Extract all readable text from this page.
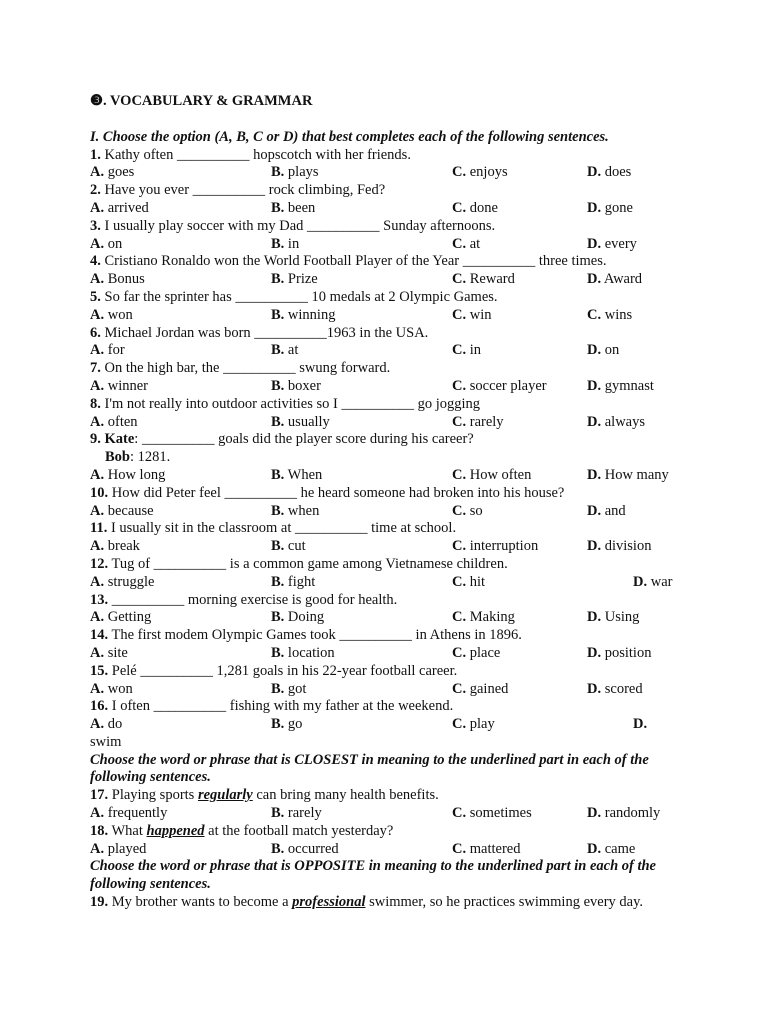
❸. VOCABULARY & GRAMMAR
I. Choose the option (A, B, C or D) that best completes each of the following sentences.
1. Kathy often __________ hopscotch with her friends.
A. goes	B. plays	C. enjoys	D. does
2. Have you ever __________ rock climbing, Fed?
A. arrived	B. been	C. done	D. gone
3. I usually play soccer with my Dad __________ Sunday afternoons.
A. on	B. in	C. at	D. every
4. Cristiano Ronaldo won the World Football Player of the Year __________ three times.
A. Bonus	B. Prize	C. Reward	D. Award
5. So far the sprinter has __________ 10 medals at 2 Olympic Games.
A. won	B. winning	C. win	C. wins
6. Michael Jordan was born __________1963 in the USA.
A. for	B. at	C. in	D. on
7. On the high bar, the __________ swung forward.
A. winner	B. boxer	C. soccer player	D. gymnast
8. I'm not really into outdoor activities so I __________ go jogging
A. often	B. usually	C. rarely	D. always
9. Kate: __________ goals did the player score during his career?
Bob: 1281.
A. How long	B. When	C. How often	D. How many
10. How did Peter feel __________ he heard someone had broken into his house?
A. because	B. when	C. so	D. and
11. I usually sit in the classroom at __________ time at school.
A. break	B. cut	C. interruption	D. division
12. Tug of __________ is a common game among Vietnamese children.
A. struggle	B. fight	C. hit	D. war
13. __________ morning exercise is good for health.
A. Getting	B. Doing	C. Making	D. Using
14. The first modem Olympic Games took __________ in Athens in 1896.
A. site	B. location	C. place	D. position
15. Pelé __________ 1,281 goals in his 22-year football career.
A. won	B. got	C. gained	D. scored
16. I often __________ fishing with my father at the weekend.
A. do	B. go	C. play	D.
swim
Choose the word or phrase that is CLOSEST in meaning to the underlined part in each of the following sentences.
17. Playing sports regularly can bring many health benefits.
A. frequently	B. rarely	C. sometimes	D. randomly
18. What happened at the football match yesterday?
A. played	B. occurred	C. mattered	D. came
Choose the word or phrase that is OPPOSITE in meaning to the underlined part in each of the following sentences.
19. My brother wants to become a professional swimmer, so he practices swimming every day.
